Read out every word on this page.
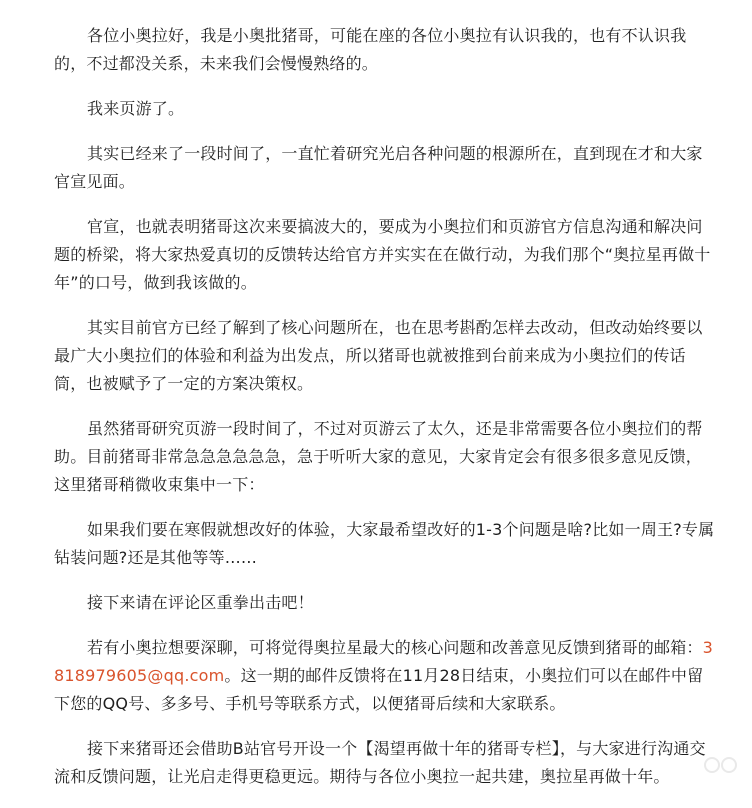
各位小奥拉好，我是小奥批猪哥，可能在座的各位小奥拉有认识我的，也有不认识我的，不过都没关系，未来我们会慢慢熟络的。

我来页游了。

其实已经来了一段时间了，一直忙着研究光启各种问题的根源所在，直到现在才和大家官宣见面。

官宣，也就表明猪哥这次来要搞波大的，要成为小奥拉们和页游官方信息沟通和解决问题的桥梁，将大家热爱真切的反馈转达给官方并实实在在做行动，为我们那个“奥拉星再做十年”的口号，做到我该做的。

其实目前官方已经了解到了核心问题所在，也在思考斟酌怎样去改动，但改动始终要以最广大小奥拉们的体验和利益为出发点，所以猪哥也就被推到台前来成为小奥拉们的传话筒，也被赋予了一定的方案决策权。

虽然猪哥研究页游一段时间了，不过对页游云了太久，还是非常需要各位小奥拉们的帮助。目前猪哥非常急急急急急急，急于听听大家的意见，大家肯定会有很多很多意见反馈，这里猪哥稍微收束集中一下：

如果我们要在寒假就想改好的体验，大家最希望改好的1-3个问题是啥?比如一周王?专属钻装问题?还是其他等等……

接下来请在评论区重拳出击吧！

若有小奥拉想要深聊，可将觉得奥拉星最大的核心问题和改善意见反馈到猪哥的邮箱：3818979605@qq.com。这一期的邮件反馈将在11月28日结束，小奥拉们可以在邮件中留下您的QQ号、多多号、手机号等联系方式，以便猪哥后续和大家联系。

接下来猪哥还会借助B站官号开设一个【渴望再做十年的猪哥专栏】，与大家进行沟通交流和反馈问题，让光启走得更稳更远。期待与各位小奥拉一起共建，奥拉星再做十年。
